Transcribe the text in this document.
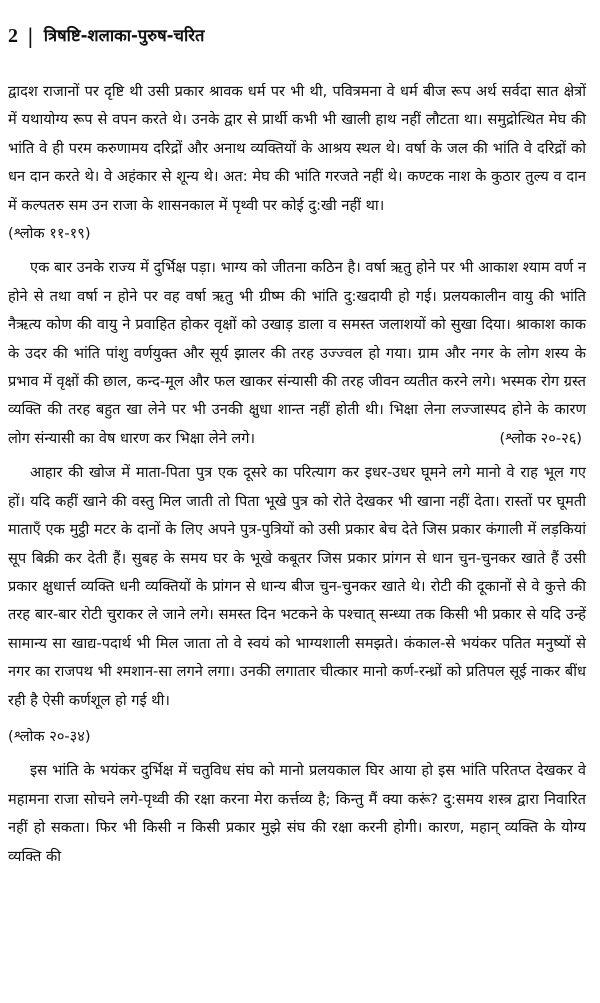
2 | त्रिषष्टि-शलाका-पुरुष-चरित

द्वादश राजानों पर दृष्टि थी उसी प्रकार श्रावक धर्म पर भी थी, पवित्रमना वे धर्म बीज रूप अर्थ सर्वदा सात क्षेत्रों में यथायोग्य रूप से वपन करते थे। उनके द्वार से प्रार्थी कभी भी खाली हाथ नहीं लौटता था। समुद्रोत्थित मेघ की भांति वे ही परम करुणामय दरिद्रों और अनाथ व्यक्तियों के आश्रय स्थल थे। वर्षा के जल की भांति वे दरिद्रों को धन दान करते थे। वे अहंकार से शून्य थे। अत: मेघ की भांति गरजते नहीं थे। कण्टक नाश के कुठार तुल्य व दान में कल्पतरु सम उन राजा के शासनकाल में पृथ्वी पर कोई दु:खी नहीं था।

(श्लोक ११-१९)

एक बार उनके राज्य में दुर्भिक्ष पड़ा। भाग्य को जीतना कठिन है। वर्षा ऋतु होने पर भी आकाश श्याम वर्ण न होने से तथा वर्षा न होने पर वह वर्षा ऋतु भी ग्रीष्म की भांति दु:खदायी हो गई। प्रलयकालीन वायु की भांति नैऋत्य कोण की वायु ने प्रवाहित होकर वृक्षों को उखाड़ डाला व समस्त जलाशयों को सुखा दिया। श्राकाश काक के उदर की भांति पांशु वर्णयुक्त और सूर्य झालर की तरह उज्ज्वल हो गया। ग्राम और नगर के लोग शस्य के प्रभाव में वृक्षों की छाल, कन्द-मूल और फल खाकर संन्यासी की तरह जीवन व्यतीत करने लगे। भस्मक रोग ग्रस्त व्यक्ति की तरह बहुत खा लेने पर भी उनकी क्षुधा शान्त नहीं होती थी। भिक्षा लेना लज्जास्पद होने के कारण लोग संन्यासी का वेष धारण कर भिक्षा लेने लगे।	(श्लोक २०-२६)

आहार की खोज में माता-पिता पुत्र एक दूसरे का परित्याग कर इधर-उधर घूमने लगे मानो वे राह भूल गए हों। यदि कहीं खाने की वस्तु मिल जाती तो पिता भूखे पुत्र को रोते देखकर भी खाना नहीं देता। रास्तों पर घूमती माताएँ एक मुट्ठी मटर के दानों के लिए अपने पुत्र-पुत्रियों को उसी प्रकार बेच देते जिस प्रकार कंगाली में लड़कियां सूप बिक्री कर देती हैं। सुबह के समय घर के भूखे कबूतर जिस प्रकार प्रांगन से धान चुन-चुनकर खाते हैं उसी प्रकार क्षुधार्त्त व्यक्ति धनी व्यक्तियों के प्रांगन से धान्य बीज चुन-चुनकर खाते थे। रोटी की दूकानों से वे कुत्ते की तरह बार-बार रोटी चुराकर ले जाने लगे। समस्त दिन भटकने के पश्चात् सन्ध्या तक किसी भी प्रकार से यदि उन्हें सामान्य सा खाद्य-पदार्थ भी मिल जाता तो वे स्वयं को भाग्यशाली समझते। कंकाल-से भयंकर पतित मनुष्यों से नगर का राजपथ भी श्मशान-सा लगने लगा। उनकी लगातार चीत्कार मानो कर्ण-रन्ध्रों को प्रतिपल सूई नाकर बींध रही है ऐसी कर्णशूल हो गई थी।

(श्लोक २०-३४)

इस भांति के भयंकर दुर्भिक्ष में चतुविध संघ को मानो प्रलयकाल घिर आया हो इस भांति परितप्त देखकर वे महामना राजा सोचने लगे-पृथ्वी की रक्षा करना मेरा कर्त्तव्य है; किन्तु मैं क्या करूं? दु:समय शस्त्र द्वारा निवारित नहीं हो सकता। फिर भी किसी न किसी प्रकार मुझे संघ की रक्षा करनी होगी। कारण, महान् व्यक्ति के योग्य व्यक्ति की
